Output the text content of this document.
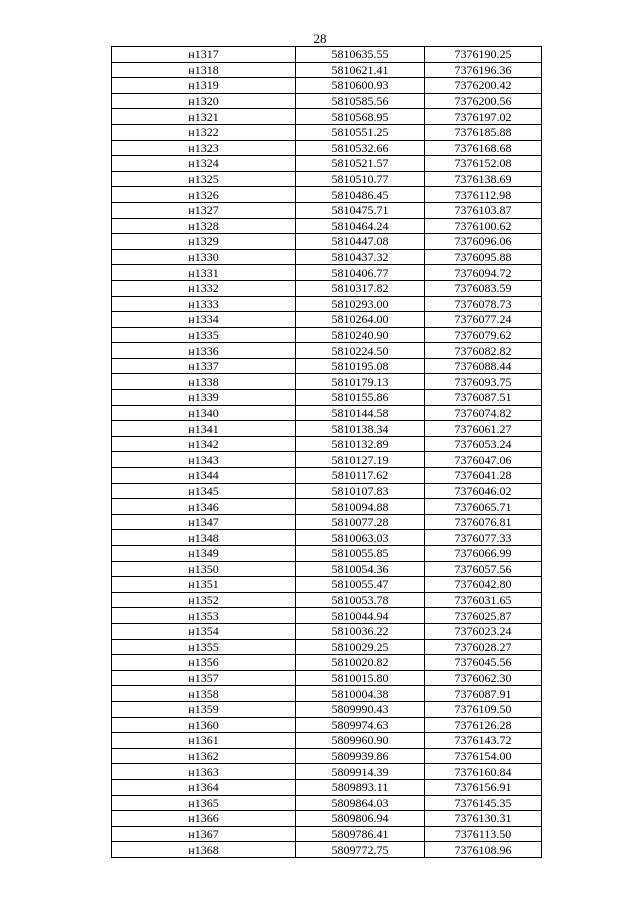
28
н1317	5810635.55	7376190.25
н1318	5810621.41	7376196.36
н1319	5810600.93	7376200.42
н1320	5810585.56	7376200.56
н1321	5810568.95	7376197.02
н1322	5810551.25	7376185.88
н1323	5810532.66	7376168.68
н1324	5810521.57	7376152.08
н1325	5810510.77	7376138.69
н1326	5810486.45	7376112.98
н1327	5810475.71	7376103.87
н1328	5810464.24	7376100.62
н1329	5810447.08	7376096.06
н1330	5810437.32	7376095.88
н1331	5810406.77	7376094.72
н1332	5810317.82	7376083.59
н1333	5810293.00	7376078.73
н1334	5810264.00	7376077.24
н1335	5810240.90	7376079.62
н1336	5810224.50	7376082.82
н1337	5810195.08	7376088.44
н1338	5810179.13	7376093.75
н1339	5810155.86	7376087.51
н1340	5810144.58	7376074.82
н1341	5810138.34	7376061.27
н1342	5810132.89	7376053.24
н1343	5810127.19	7376047.06
н1344	5810117.62	7376041.28
н1345	5810107.83	7376046.02
н1346	5810094.88	7376065.71
н1347	5810077.28	7376076.81
н1348	5810063.03	7376077.33
н1349	5810055.85	7376066.99
н1350	5810054.36	7376057.56
н1351	5810055.47	7376042.80
н1352	5810053.78	7376031.65
н1353	5810044.94	7376025.87
н1354	5810036.22	7376023.24
н1355	5810029.25	7376028.27
н1356	5810020.82	7376045.56
н1357	5810015.80	7376062.30
н1358	5810004.38	7376087.91
н1359	5809990.43	7376109.50
н1360	5809974.63	7376126.28
н1361	5809960.90	7376143.72
н1362	5809939.86	7376154.00
н1363	5809914.39	7376160.84
н1364	5809893.11	7376156.91
н1365	5809864.03	7376145.35
н1366	5809806.94	7376130.31
н1367	5809786.41	7376113.50
н1368	5809772.75	7376108.96
